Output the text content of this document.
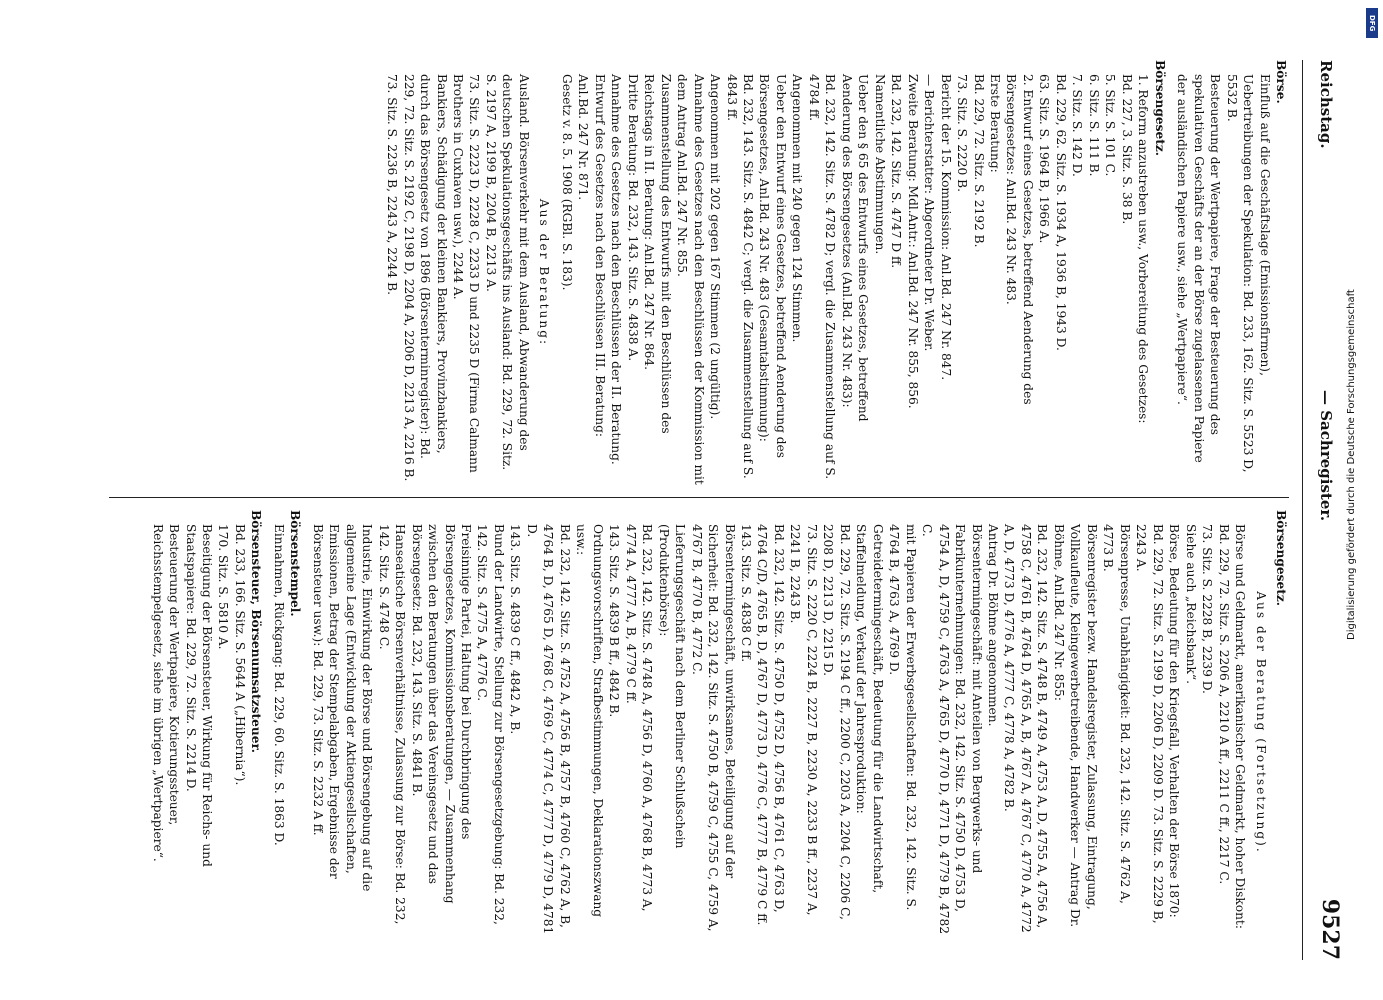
Reichstag.
— Sachregister.
9527
Börse.
Einfluß auf die Geschäftslage (Emissionsfirmen), Uebertreibungen der Spekulation: Bd. 233, 162. Sitz. S. 5523 D, 5532 B.
Besteuerung der Wertpapiere, Frage der Besteuerung des spekulativen Geschäfts der an der Börse zugelassenen Papiere der ausländischen Papiere usw., siehe „Wertpapiere“.
Börsengesetz.
1. Reform anzustreben usw., Vorbereitung des Gesetzes:
Bd. 227, 3. Sitz. S. 38 B.
5. Sitz. S. 101 C.
6. Sitz. S. 111 B.
7. Sitz. S. 142 D.
Bd. 229, 62. Sitz. S. 1934 A, 1936 B, 1943 D.
63. Sitz. S. 1964 B, 1966 A.
2. Entwurf eines Gesetzes, betreffend Aenderung des Börsengesetzes: Anl.Bd. 243 Nr. 483.
Erste Beratung:
Bd. 229, 72. Sitz. S. 2192 B.
73. Sitz. S. 2220 B.
Bericht der 15. Kommission: Anl.Bd. 247 Nr. 847.
— Berichterstatter: Abgeordneter Dr. Weber.
Zweite Beratung: Mdl.Antr.: Anl.Bd. 247 Nr. 855, 856.
Bd. 232, 142. Sitz. S. 4747 D ff.
Namentliche Abstimmungen.
Ueber den § 65 des Entwurfs eines Gesetzes, betreffend Aenderung des Börsengesetzes (Anl.Bd. 243 Nr. 483):
Bd. 232, 142. Sitz. S. 4782 D; vergl. die Zusammenstellung auf S. 4784 ff.
Angenommen mit 240 gegen 124 Stimmen.
Ueber den Entwurf eines Gesetzes, betreffend Aenderung des Börsengesetzes, Anl.Bd. 243 Nr. 483 (Gesamtabstimmung):
Bd. 232, 143. Sitz. S. 4842 C; vergl. die Zusammenstellung auf S. 4843 ff.
Angenommen mit 202 gegen 167 Stimmen (2 ungültig).
Annahme des Gesetzes nach den Beschlüssen der Kommission mit dem Antrag Anl.Bd. 247 Nr. 855.
Zusammenstellung des Entwurfs mit den Beschlüssen des Reichstags in II. Beratung: Anl.Bd. 247 Nr. 864.
Dritte Beratung: Bd. 232, 143. Sitz. S. 4838 A.
Annahme des Gesetzes nach den Beschlüssen der II. Beratung.
Entwurf des Gesetzes nach den Beschlüssen III. Beratung: Anl.Bd. 247 Nr. 871.
Gesetz v. 8. 5. 1908 (RGBl. S. 183).
Aus der Beratung:
Ausland. Börsenverkehr mit dem Ausland, Abwanderung des deutschen Spekulationsgeschäfts ins Ausland: Bd. 229, 72. Sitz. S. 2197 A, 2199 B, 2204 B, 2213 A.
73. Sitz. S. 2223 D, 2228 C, 2233 D und 2235 D (Firma Calmann Brothers in Cuxhaven usw.), 2244 A.
Bankiers, Schädigung der kleinen Bankiers, Provinzbankiers, durch das Börsengesetz von 1896 (Börsenterminregister): Bd. 229, 72. Sitz. S. 2192 C, 2198 D, 2204 A, 2206 D, 2213 A, 2216 B.
73. Sitz. S. 2236 B, 2243 A, 2244 B.
Börsengesetz.
Aus der Beratung (Fortsetzung).
Börse und Geldmarkt, amerikanischer Geldmarkt, hoher Diskont: Bd. 229, 72. Sitz. S. 2206 A, 2210 A ff., 2211 C ff., 2217 C.
73. Sitz. S. 2228 B, 2239 D.
Siehe auch „Reichsbank“.
Börse, Bedeutung für den Kriegsfall, Verhalten der Börse 1870: Bd. 229, 72. Sitz. S. 2199 D, 2206 D, 2209 D. 73. Sitz. S. 2229 B, 2243 A.
Börsenpresse, Unabhängigkeit: Bd. 232, 142. Sitz. S. 4762 A, 4773 B.
Börsenregister bezw. Handelsregister, Zulassung, Eintragung, Vollkaufleute, Kleingewerbetreibende, Handwerker — Antrag Dr. Böhme, Anl.Bd. 247 Nr. 855:
Bd. 232, 142. Sitz. S. 4748 B, 4749 A, 4753 A, D, 4755 A, 4756 A, 4758 C, 4761 B, 4764 D, 4765 A, B, 4767 A, 4767 C, 4770 A, 4772 A, D, 4773 D, 4776 A, 4777 C, 4778 A, 4782 B.
Antrag Dr. Böhme angenommen.
Börsentermingeschäft: mit Anteilen von Bergwerks- und Fabrikunternehmungen: Bd. 232, 142. Sitz. S. 4750 D, 4753 D, 4754 A, D, 4759 C, 4763 A, 4765 D, 4770 D, 4771 D, 4779 B, 4782 C.
mit Papieren der Erwerbsgesellschaften: Bd. 232, 142. Sitz. S. 4764 B, 4763 A, 4769 D.
Getreidetermingeschäft, Bedeutung für die Landwirtschaft, Staffelmeldung, Verkauf der Jahresproduktion:
Bd. 229, 72. Sitz. S. 2194 C ff., 2200 C, 2203 A, 2204 C, 2206 C, 2208 D, 2213 D, 2215 D.
73. Sitz. S. 2220 C, 2224 B, 2227 B, 2230 A, 2233 B ff., 2237 A, 2241 B, 2243 B.
Bd. 232, 142. Sitz. S. 4750 D, 4752 D, 4756 B, 4761 C, 4763 D, 4764 C/D, 4765 B, D, 4767 D, 4773 D, 4776 C, 4777 B, 4779 C ff.
143. Sitz. S. 4838 C ff.
Börsentermingeschäft, unwirksames, Beteiligung auf der Sicherheit: Bd. 232, 142. Sitz. S. 4750 B, 4759 C, 4755 C, 4759 A, 4767 B, 4770 B, 4772 C.
Lieferungsgeschäft nach dem Berliner Schlußschein (Produktenbörse):
Bd. 232, 142. Sitz. S. 4748 A, 4756 D, 4760 A, 4768 B, 4773 A, 4774 A, 4777 A, B, 4779 C ff.
143. Sitz. S. 4839 B ff., 4842 B.
Ordnungsvorschriften, Strafbestimmungen, Deklarationszwang usw.:
Bd. 232, 142. Sitz. S. 4752 A, 4756 B, 4757 B, 4760 C, 4762 A, B, 4764 B, D, 4765 D, 4768 C, 4769 C, 4774 C, 4777 D, 4779 D, 4781 D.
143. Sitz. S. 4839 C ff., 4842 A, B.
Bund der Landwirte, Stellung zur Börsengesetzgebung: Bd. 232, 142. Sitz. S. 4775 A, 4776 C.
Freisinnige Partei, Haltung bei Durchbringung des Börsengesetzes, Kommissionsberatungen, — Zusammenhang zwischen den Beratungen über das Vereinsgesetz und das Börsengesetz: Bd. 232, 143. Sitz. S. 4841 B.
Hanseatische Börsenverhältnisse, Zulassung zur Börse: Bd. 232, 142. Sitz. S. 4748 C.
Industrie, Einwirkung der Börse und Börsengebung auf die allgemeine Lage (Entwicklung der Aktiengesellschaften, Emissionen, Betrag der Stempelabgaben, Ergebnisse der Börsensteuer usw.): Bd. 229, 73. Sitz. S. 2232 A ff.
Börsenstempel.
Einnahmen, Rückgang: Bd. 229, 60. Sitz. S. 1863 D.
Börsensteuer, Börsenumsatzsteuer.
Bd. 233, 166. Sitz. S. 5644 A („Hibernia“).
170. Sitz. S. 5810 A.
Beseitigung der Börsensteuer, Wirkung für Reichs- und Staatspapiere: Bd. 229, 72. Sitz. S. 2214 D.
Besteuerung der Wertpapiere, Kotierungssteuer, Reichsstempelgesetz, siehe im übrigen „Wertpapiere“.
Digitalisierung gefördert durch die Deutsche Forschungsgemeinschaft
DFG
